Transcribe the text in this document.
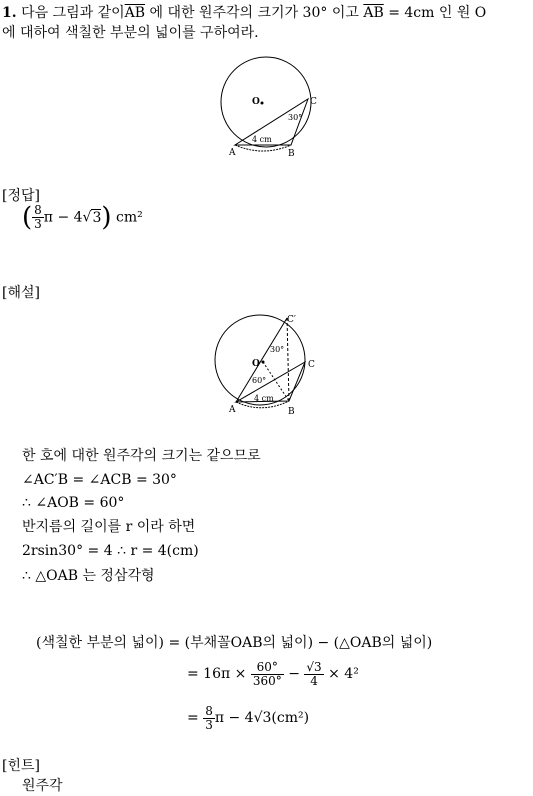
1. 다음 그림과 같이$\overline{AB}$ 에 대한 원주각의 크기가 30° 이고 $\overline{AB} = 4cm$ 인 원 O
에 대하여 색칠한 부분의 넓이를 구하여라.
O	C
A	B
30°
4 cm
[정답]
( $\frac{8}{3}$ π − 4√3) cm²
[해설]
C′
O	C
A	B
30°
60°
4 cm
한 호에 대한 원주각의 크기는 같으므로
∠AC′B = ∠ACB = 30°
∴ ∠AOB = 60°
반지름의 길이를 r 이라 하면
2rsin30° = 4 ∴ r = 4(cm)
∴ △OAB 는 정삼각형
(색칠한 부분의 넓이) = (부채꼴OAB의 넓이) − (△OAB의 넓이)
= $16\pi \times \frac{60^\circ}{360^\circ} - \frac{√3}{4} \times 4^2$
= $\frac{8}{3}$ π − 4√3(cm²)
[힌트]
원주각
